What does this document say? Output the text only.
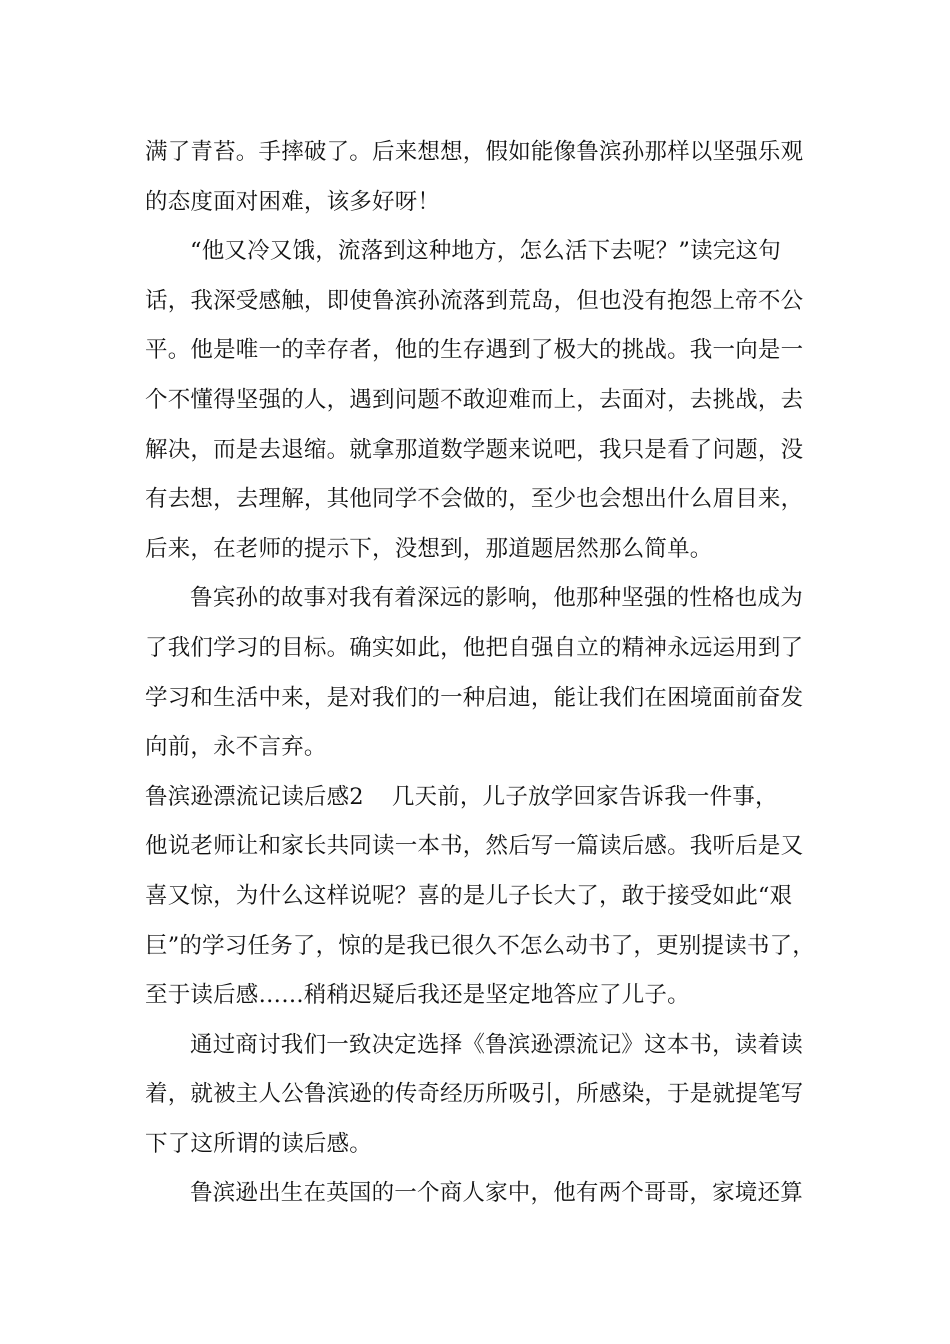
满了青苔。手摔破了。后来想想，假如能像鲁滨孙那样以坚强乐观
的态度面对困难，该多好呀！
“他又冷又饿，流落到这种地方，怎么活下去呢？”读完这句
话，我深受感触，即使鲁滨孙流落到荒岛，但也没有抱怨上帝不公
平。他是唯一的幸存者，他的生存遇到了极大的挑战。我一向是一
个不懂得坚强的人，遇到问题不敢迎难而上，去面对，去挑战，去
解决，而是去退缩。就拿那道数学题来说吧，我只是看了问题，没
有去想，去理解，其他同学不会做的，至少也会想出什么眉目来，
后来，在老师的提示下，没想到，那道题居然那么简单。
鲁宾孙的故事对我有着深远的影响，他那种坚强的性格也成为
了我们学习的目标。确实如此，他把自强自立的精神永远运用到了
学习和生活中来，是对我们的一种启迪，能让我们在困境面前奋发
向前，永不言弃。
鲁滨逊漂流记读后感2 几天前，儿子放学回家告诉我一件事，
他说老师让和家长共同读一本书，然后写一篇读后感。我听后是又
喜又惊，为什么这样说呢？喜的是儿子长大了，敢于接受如此“艰
巨”的学习任务了，惊的是我已很久不怎么动书了，更别提读书了，
至于读后感……稍稍迟疑后我还是坚定地答应了儿子。
通过商讨我们一致决定选择《鲁滨逊漂流记》这本书，读着读
着，就被主人公鲁滨逊的传奇经历所吸引，所感染，于是就提笔写
下了这所谓的读后感。
鲁滨逊出生在英国的一个商人家中，他有两个哥哥，家境还算
